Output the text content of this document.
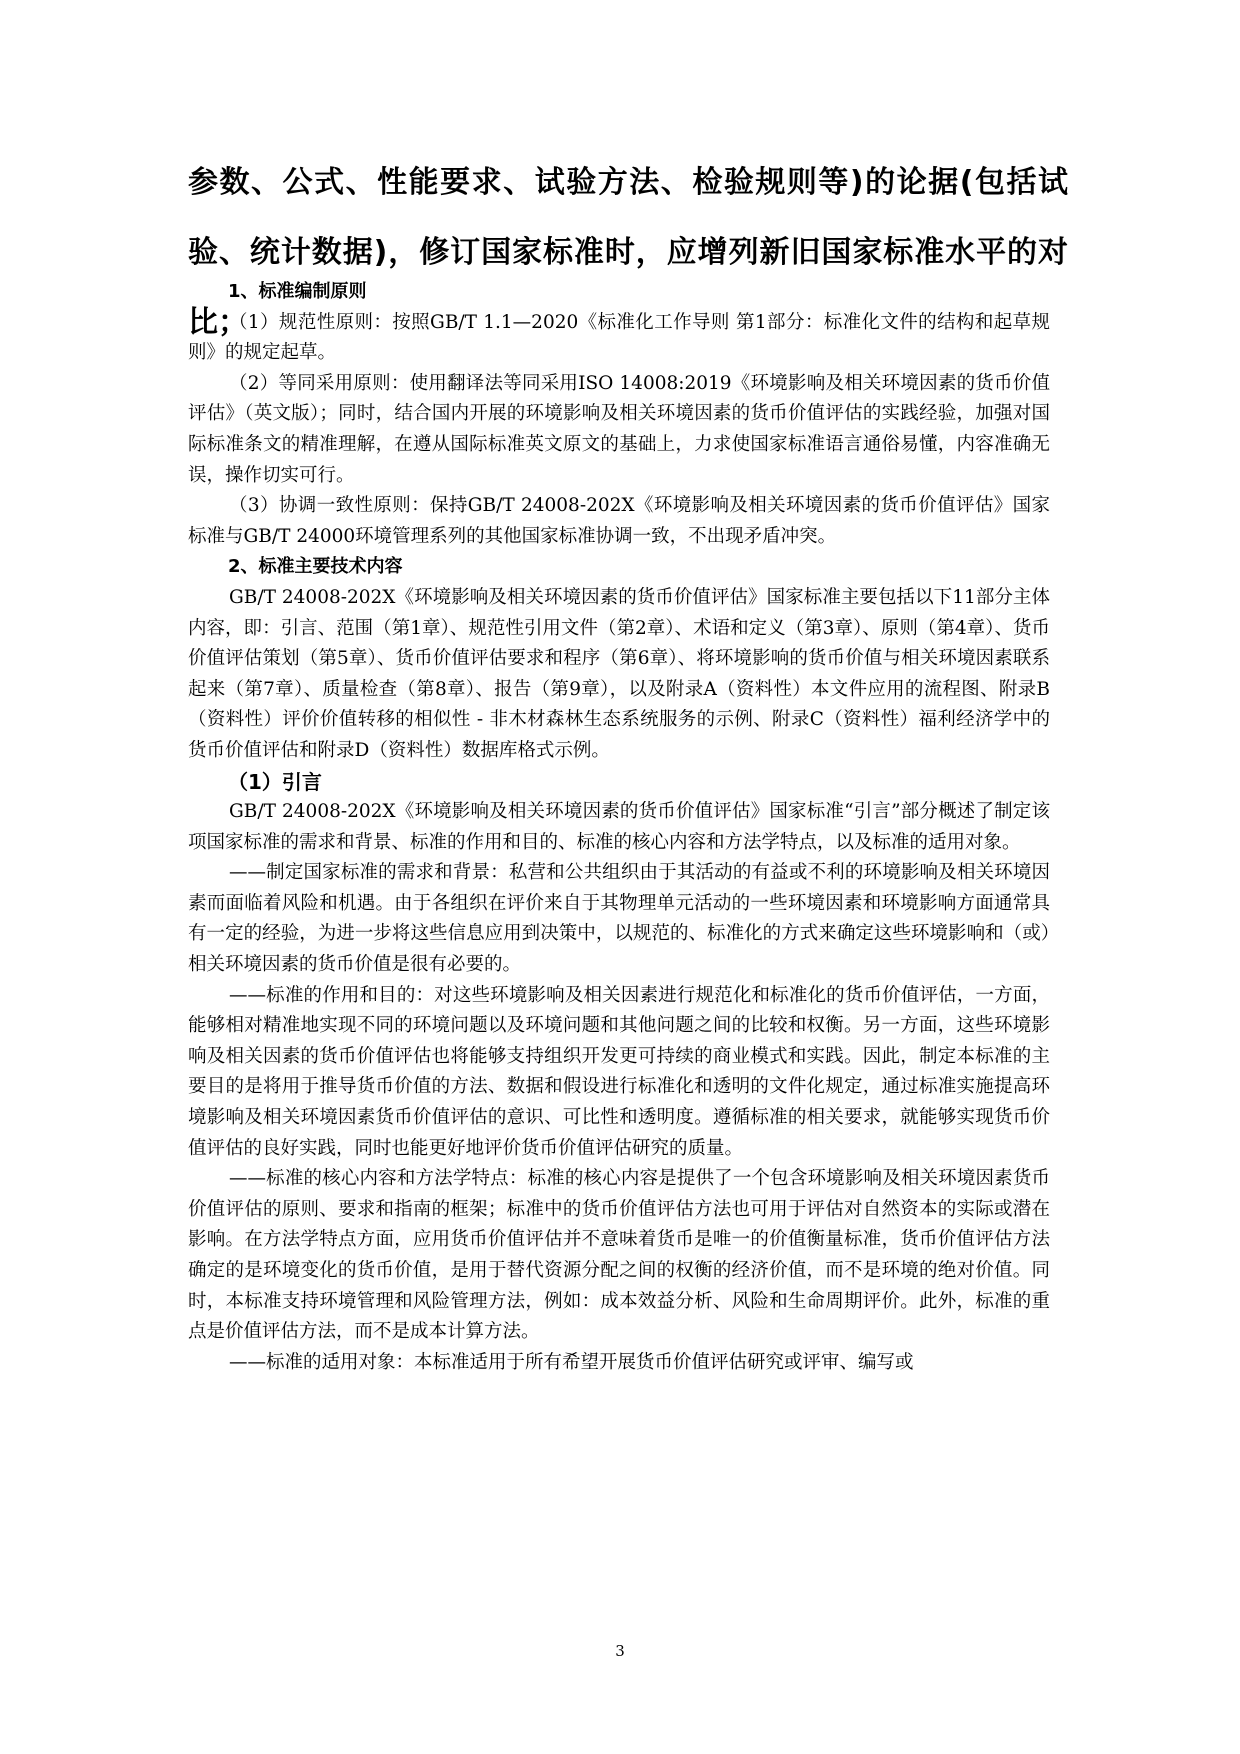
参数、公式、性能要求、试验方法、检验规则等)的论据(包括试验、统计数据)，修订国家标准时，应增列新旧国家标准水平的对比；

1、标准编制原则

（1）规范性原则：按照GB/T 1.1—2020《标准化工作导则 第1部分：标准化文件的结构和起草规则》的规定起草。

（2）等同采用原则：使用翻译法等同采用ISO 14008:2019《环境影响及相关环境因素的货币价值评估》（英文版）；同时，结合国内开展的环境影响及相关环境因素的货币价值评估的实践经验，加强对国际标准条文的精准理解，在遵从国际标准英文原文的基础上，力求使国家标准语言通俗易懂，内容准确无误，操作切实可行。

（3）协调一致性原则：保持GB/T 24008-202X《环境影响及相关环境因素的货币价值评估》国家标准与GB/T 24000环境管理系列的其他国家标准协调一致，不出现矛盾冲突。

2、标准主要技术内容

GB/T 24008-202X《环境影响及相关环境因素的货币价值评估》国家标准主要包括以下11部分主体内容，即：引言、范围（第1章）、规范性引用文件（第2章）、术语和定义（第3章）、原则（第4章）、货币价值评估策划（第5章）、货币价值评估要求和程序（第6章）、将环境影响的货币价值与相关环境因素联系起来（第7章）、质量检查（第8章）、报告（第9章），以及附录A（资料性）本文件应用的流程图、附录B（资料性）评价价值转移的相似性 - 非木材森林生态系统服务的示例、附录C（资料性）福利经济学中的货币价值评估和附录D（资料性）数据库格式示例。

（1）引言

GB/T 24008-202X《环境影响及相关环境因素的货币价值评估》国家标准“引言”部分概述了制定该项国家标准的需求和背景、标准的作用和目的、标准的核心内容和方法学特点，以及标准的适用对象。

——制定国家标准的需求和背景：私营和公共组织由于其活动的有益或不利的环境影响及相关环境因素而面临着风险和机遇。由于各组织在评价来自于其物理单元活动的一些环境因素和环境影响方面通常具有一定的经验，为进一步将这些信息应用到决策中，以规范的、标准化的方式来确定这些环境影响和（或）相关环境因素的货币价值是很有必要的。

——标准的作用和目的：对这些环境影响及相关因素进行规范化和标准化的货币价值评估，一方面，能够相对精准地实现不同的环境问题以及环境问题和其他问题之间的比较和权衡。另一方面，这些环境影响及相关因素的货币价值评估也将能够支持组织开发更可持续的商业模式和实践。因此，制定本标准的主要目的是将用于推导货币价值的方法、数据和假设进行标准化和透明的文件化规定，通过标准实施提高环境影响及相关环境因素货币价值评估的意识、可比性和透明度。遵循标准的相关要求，就能够实现货币价值评估的良好实践，同时也能更好地评价货币价值评估研究的质量。

——标准的核心内容和方法学特点：标准的核心内容是提供了一个包含环境影响及相关环境因素货币价值评估的原则、要求和指南的框架；标准中的货币价值评估方法也可用于评估对自然资本的实际或潜在影响。在方法学特点方面，应用货币价值评估并不意味着货币是唯一的价值衡量标准，货币价值评估方法确定的是环境变化的货币价值，是用于替代资源分配之间的权衡的经济价值，而不是环境的绝对价值。同时，本标准支持环境管理和风险管理方法，例如：成本效益分析、风险和生命周期评价。此外，标准的重点是价值评估方法，而不是成本计算方法。

——标准的适用对象：本标准适用于所有希望开展货币价值评估研究或评审、编写或

3
